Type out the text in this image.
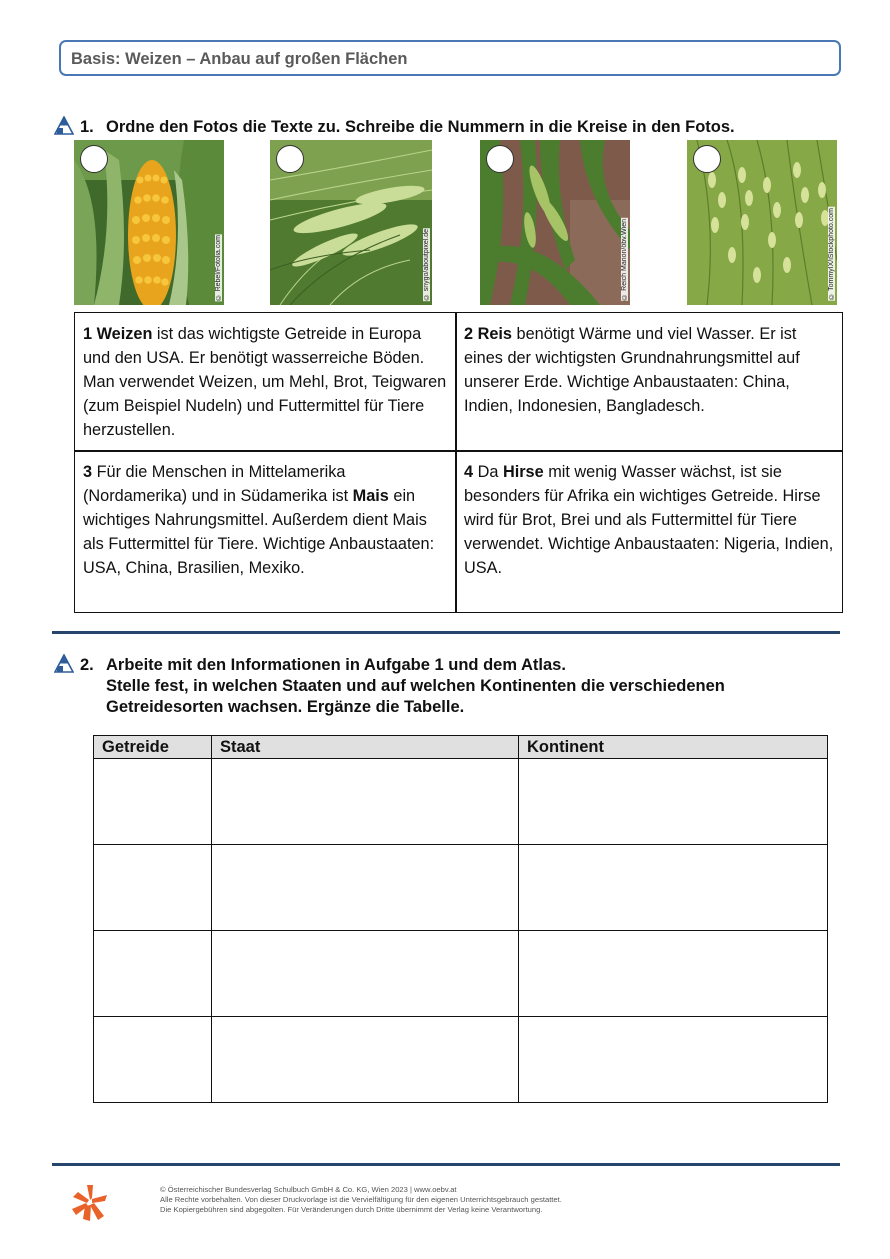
Basis: Weizen – Anbau auf großen Flächen
1. Ordne den Fotos die Texte zu. Schreibe die Nummern in die Kreise in den Fotos.
© Rebel/Fotolia.com	© snygo/aboutpixel.de	© Reich Marion/öbv.Wien	© TommyIX/iStockphoto.com
1 Weizen ist das wichtigste Getreide in Europa und den USA. Er benötigt wasserreiche Böden. Man verwendet Weizen, um Mehl, Brot, Teigwaren (zum Beispiel Nudeln) und Futtermittel für Tiere herzustellen.
2 Reis benötigt Wärme und viel Wasser. Er ist eines der wichtigsten Grundnahrungsmittel auf unserer Erde. Wichtige Anbaustaaten: China, Indien, Indonesien, Bangladesch.
3 Für die Menschen in Mittelamerika (Nordamerika) und in Südamerika ist Mais ein wichtiges Nahrungsmittel. Außerdem dient Mais als Futtermittel für Tiere. Wichtige Anbaustaaten: USA, China, Brasilien, Mexiko.
4 Da Hirse mit wenig Wasser wächst, ist sie besonders für Afrika ein wichtiges Getreide. Hirse wird für Brot, Brei und als Futtermittel für Tiere verwendet. Wichtige Anbaustaaten: Nigeria, Indien, USA.
2. Arbeite mit den Informationen in Aufgabe 1 und dem Atlas.
Stelle fest, in welchen Staaten und auf welchen Kontinenten die verschiedenen
Getreidesorten wachsen. Ergänze die Tabelle.
Getreide	Staat	Kontinent

© Österreichischer Bundesverlag Schulbuch GmbH & Co. KG, Wien 2023 | www.oebv.at
Alle Rechte vorbehalten. Von dieser Druckvorlage ist die Vervielfältigung für den eigenen Unterrichtsgebrauch gestattet.
Die Kopiergebühren sind abgegolten. Für Veränderungen durch Dritte übernimmt der Verlag keine Verantwortung.
